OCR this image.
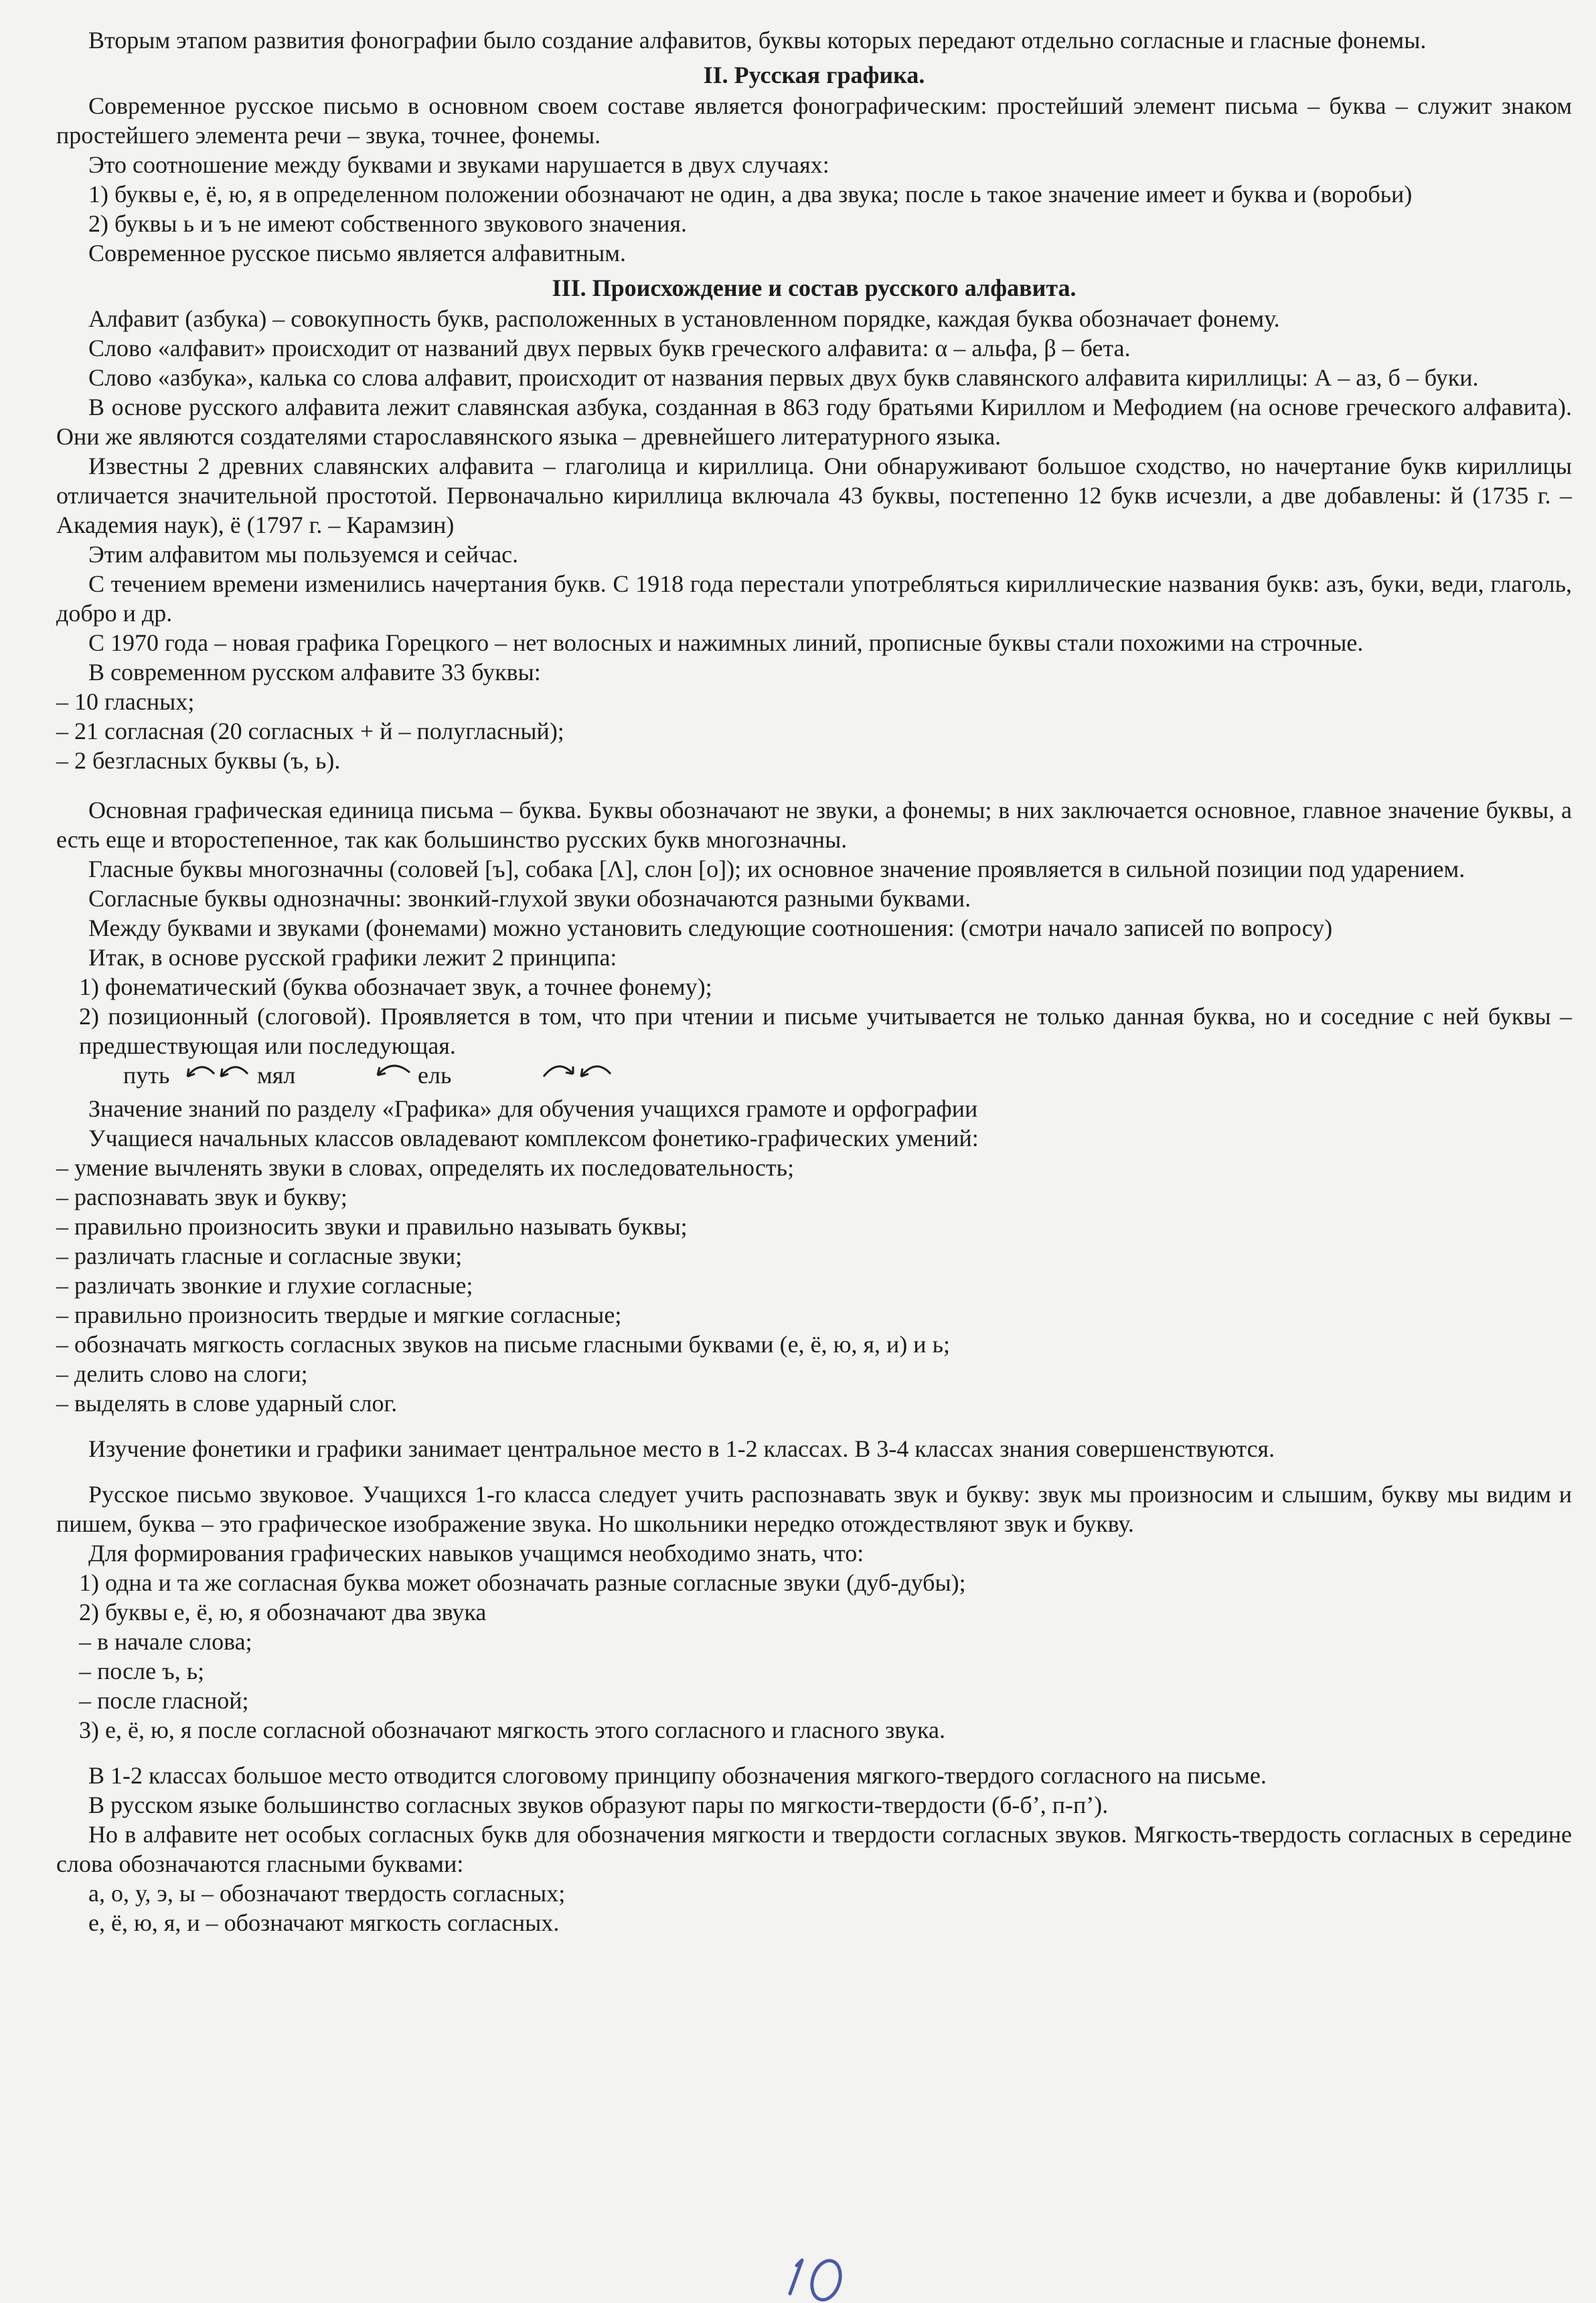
Вторым этапом развития фонографии было создание алфавитов, буквы которых передают отдельно согласные и гласные фонемы.

II. Русская графика.

Современное русское письмо в основном своем составе является фонографическим: простейший элемент письма – буква – служит знаком простейшего элемента речи – звука, точнее, фонемы.

Это соотношение между буквами и звуками нарушается в двух случаях:

1) буквы е, ё, ю, я в определенном положении обозначают не один, а два звука; после ь такое значение имеет и буква и (воробьи)

2) буквы ь и ъ не имеют собственного звукового значения.

Современное русское письмо является алфавитным.

III. Происхождение и состав русского алфавита.

Алфавит (азбука) – совокупность букв, расположенных в установленном порядке, каждая буква обозначает фонему.

Слово «алфавит» происходит от названий двух первых букв греческого алфавита: α – альфа, β – бета.

Слово «азбука», калька со слова алфавит, происходит от названия первых двух букв славянского алфавита кириллицы: А – аз, б – буки.

В основе русского алфавита лежит славянская азбука, созданная в 863 году братьями Кириллом и Мефодием (на основе греческого алфавита). Они же являются создателями старославянского языка – древнейшего литературного языка.

Известны 2 древних славянских алфавита – глаголица и кириллица. Они обнаруживают большое сходство, но начертание букв кириллицы отличается значительной простотой. Первоначально кириллица включала 43 буквы, постепенно 12 букв исчезли, а две добавлены: й (1735 г. – Академия наук), ё (1797 г. – Карамзин)

Этим алфавитом мы пользуемся и сейчас.

С течением времени изменились начертания букв. С 1918 года перестали употребляться кириллические названия букв: азъ, буки, веди, глаголь, добро и др.

С 1970 года – новая графика Горецкого – нет волосных и нажимных линий, прописные буквы стали похожими на строчные.

В современном русском алфавите 33 буквы:

– 10 гласных;

– 21 согласная (20 согласных + й – полугласный);

– 2 безгласных буквы (ъ, ь).

Основная графическая единица письма – буква. Буквы обозначают не звуки, а фонемы; в них заключается основное, главное значение буквы, а есть еще и второстепенное, так как большинство русских букв многозначны.

Гласные буквы многозначны (соловей [ъ], собака [Λ], слон [о]); их основное значение проявляется в сильной позиции под ударением.

Согласные буквы однозначны: звонкий-глухой звуки обозначаются разными буквами.

Между буквами и звуками (фонемами) можно установить следующие соотношения: (смотри начало записей по вопросу)

Итак, в основе русской графики лежит 2 принципа:

1) фонематический (буква обозначает звук, а точнее фонему);

2) позиционный (слоговой). Проявляется в том, что при чтении и письме учитывается не только данная буква, но и соседние с ней буквы – предшествующая или последующая.

путь	мял	ель

Значение знаний по разделу «Графика» для обучения учащихся грамоте и орфографии

Учащиеся начальных классов овладевают комплексом фонетико-графических умений:

– умение вычленять звуки в словах, определять их последовательность;

– распознавать звук и букву;

– правильно произносить звуки и правильно называть буквы;

– различать гласные и согласные звуки;

– различать звонкие и глухие согласные;

– правильно произносить твердые и мягкие согласные;

– обозначать мягкость согласных звуков на письме гласными буквами (е, ё, ю, я, и) и ь;

– делить слово на слоги;

– выделять в слове ударный слог.

Изучение фонетики и графики занимает центральное место в 1-2 классах. В 3-4 классах знания совершенствуются.

Русское письмо звуковое. Учащихся 1-го класса следует учить распознавать звук и букву: звук мы произносим и слышим, букву мы видим и пишем, буква – это графическое изображение звука. Но школьники нередко отождествляют звук и букву.

Для формирования графических навыков учащимся необходимо знать, что:

1) одна и та же согласная буква может обозначать разные согласные звуки (дуб-дубы);

2) буквы е, ё, ю, я обозначают два звука

– в начале слова;

– после ъ, ь;

– после гласной;

3) е, ё, ю, я после согласной обозначают мягкость этого согласного и гласного звука.

В 1-2 классах большое место отводится слоговому принципу обозначения мягкого-твердого согласного на письме.

В русском языке большинство согласных звуков образуют пары по мягкости-твердости (б-б’, п-п’).

Но в алфавите нет особых согласных букв для обозначения мягкости и твердости согласных звуков. Мягкость-твердость согласных в середине слова обозначаются гласными буквами:

а, о, у, э, ы – обозначают твердость согласных;

е, ё, ю, я, и – обозначают мягкость согласных.
